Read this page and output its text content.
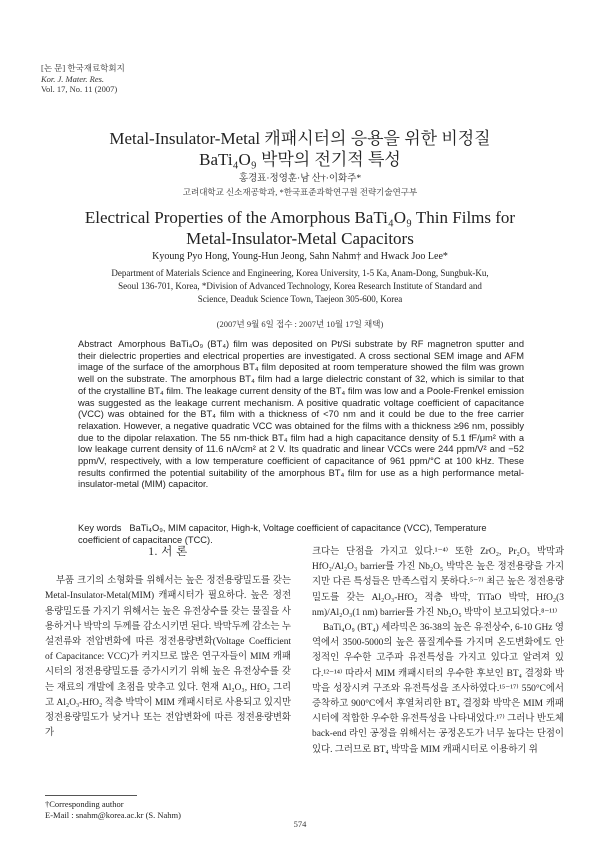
[논 문] 한국재료학회지
Kor. J. Mater. Res.
Vol. 17, No. 11 (2007)
Metal-Insulator-Metal 캐패시터의 응용을 위한 비정질
BaTi₄O₉ 박막의 전기적 특성
홍경표·정영훈·남 산†·이화주*
고려대학교 신소재공학과, *한국표준과학연구원 전략기술연구부
Electrical Properties of the Amorphous BaTi₄O₉ Thin Films for
Metal-Insulator-Metal Capacitors
Kyoung Pyo Hong, Young-Hun Jeong, Sahn Nahm† and Hwack Joo Lee*
Department of Materials Science and Engineering, Korea University, 1-5 Ka, Anam-Dong, Sungbuk-Ku,
Seoul 136-701, Korea, *Division of Advanced Technology, Korea Research Institute of Standard and
Science, Deaduk Science Town, Taejeon 305-600, Korea
(2007년 9월 6일 접수 : 2007년 10월 17일 채택)
Abstract Amorphous BaTi₄O₉ (BT₄) film was deposited on Pt/Si substrate by RF magnetron sputter and their dielectric properties and electrical properties are investigated. A cross sectional SEM image and AFM image of the surface of the amorphous BT₄ film deposited at room temperature showed the film was grown well on the substrate. The amorphous BT₄ film had a large dielectric constant of 32, which is similar to that of the crystalline BT₄ film. The leakage current density of the BT₄ film was low and a Poole-Frenkel emission was suggested as the leakage current mechanism. A positive quadratic voltage coefficient of capacitance (VCC) was obtained for the BT₄ film with a thickness of <70 nm and it could be due to the free carrier relaxation. However, a negative quadratic VCC was obtained for the films with a thickness ≥96 nm, possibly due to the dipolar relaxation. The 55 nm-thick BT₄ film had a high capacitance density of 5.1 fF/μm² with a low leakage current density of 11.6 nA/cm² at 2 V. Its quadratic and linear VCCs were 244 ppm/V² and −52 ppm/V, respectively, with a low temperature coefficient of capacitance of 961 ppm/°C at 100 kHz. These results confirmed the potential suitability of the amorphous BT₄ film for use as a high performance metal-insulator-metal (MIM) capacitor.
Key words BaTi₄O₉, MIM capacitor, High-k, Voltage coefficient of capacitance (VCC), Temperature coefficient of capacitance (TCC).
1. 서 론

부품 크기의 소형화를 위해서는 높은 정전용량밀도를 갖는 Metal-Insulator-Metal(MIM) 캐패시터가 필요하다. 높은 정전용량밀도를 가지기 위해서는 높은 유전상수를 갖는 물질을 사용하거나 박막의 두께를 감소시키면 된다. 박막두께 감소는 누설전류와 전압변화에 따른 정전용량변화(Voltage Coefficient of Capacitance: VCC)가 커지므로 많은 연구자들이 MIM 캐패시터의 정전용량밀도를 증가시키기 위해 높은 유전상수를 갖는 재료의 개발에 초점을 맞추고 있다. 현재 Al₂O₃, HfO₂ 그리고 Al₂O₃-HfO₂ 적층 박막이 MIM 캐패시터로 사용되고 있지만 정전용량밀도가 낮거나 또는 전압변화에 따른 정전용량변화가

크다는 단점을 가지고 있다.¹⁻⁴⁾ 또한 ZrO₂, Pr₂O₃ 박막과 HfO₂/Al₂O₃ barrier를 가진 Nb₂O₅ 박막은 높은 정전용량을 가지지만 다른 특성들은 만족스럽지 못하다.⁵⁻⁷⁾ 최근 높은 정전용량밀도를 갖는 Al₂O₃-HfO₂ 적층 박막, TiTaO 박막, HfO₂(3 nm)/Al₂O₃(1 nm) barrier를 가진 Nb₂O₅ 박막이 보고되었다.⁸⁻¹¹⁾

BaTi₄O₉ (BT₄) 세라믹은 36-38의 높은 유전상수, 6-10 GHz 영역에서 3500-5000의 높은 품질계수를 가지며 온도변화에도 안정적인 우수한 고주파 유전특성을 가지고 있다고 알려져 있다.¹²⁻¹⁴⁾ 따라서 MIM 캐패시터의 우수한 후보인 BT₄ 결정화 박막을 성장시켜 구조와 유전특성을 조사하였다.¹⁵⁻¹⁷⁾ 550°C에서 증착하고 900°C에서 후열처리한 BT₄ 결정화 박막은 MIM 캐패시터에 적합한 우수한 유전특성을 나타내었다.¹⁷⁾ 그러나 반도체 back-end 라인 공정을 위해서는 공정온도가 너무 높다는 단점이 있다. 그러므로 BT₄ 박막을 MIM 캐패시터로 이용하기 위

†Corresponding author
E-Mail : snahm@korea.ac.kr (S. Nahm)
574
